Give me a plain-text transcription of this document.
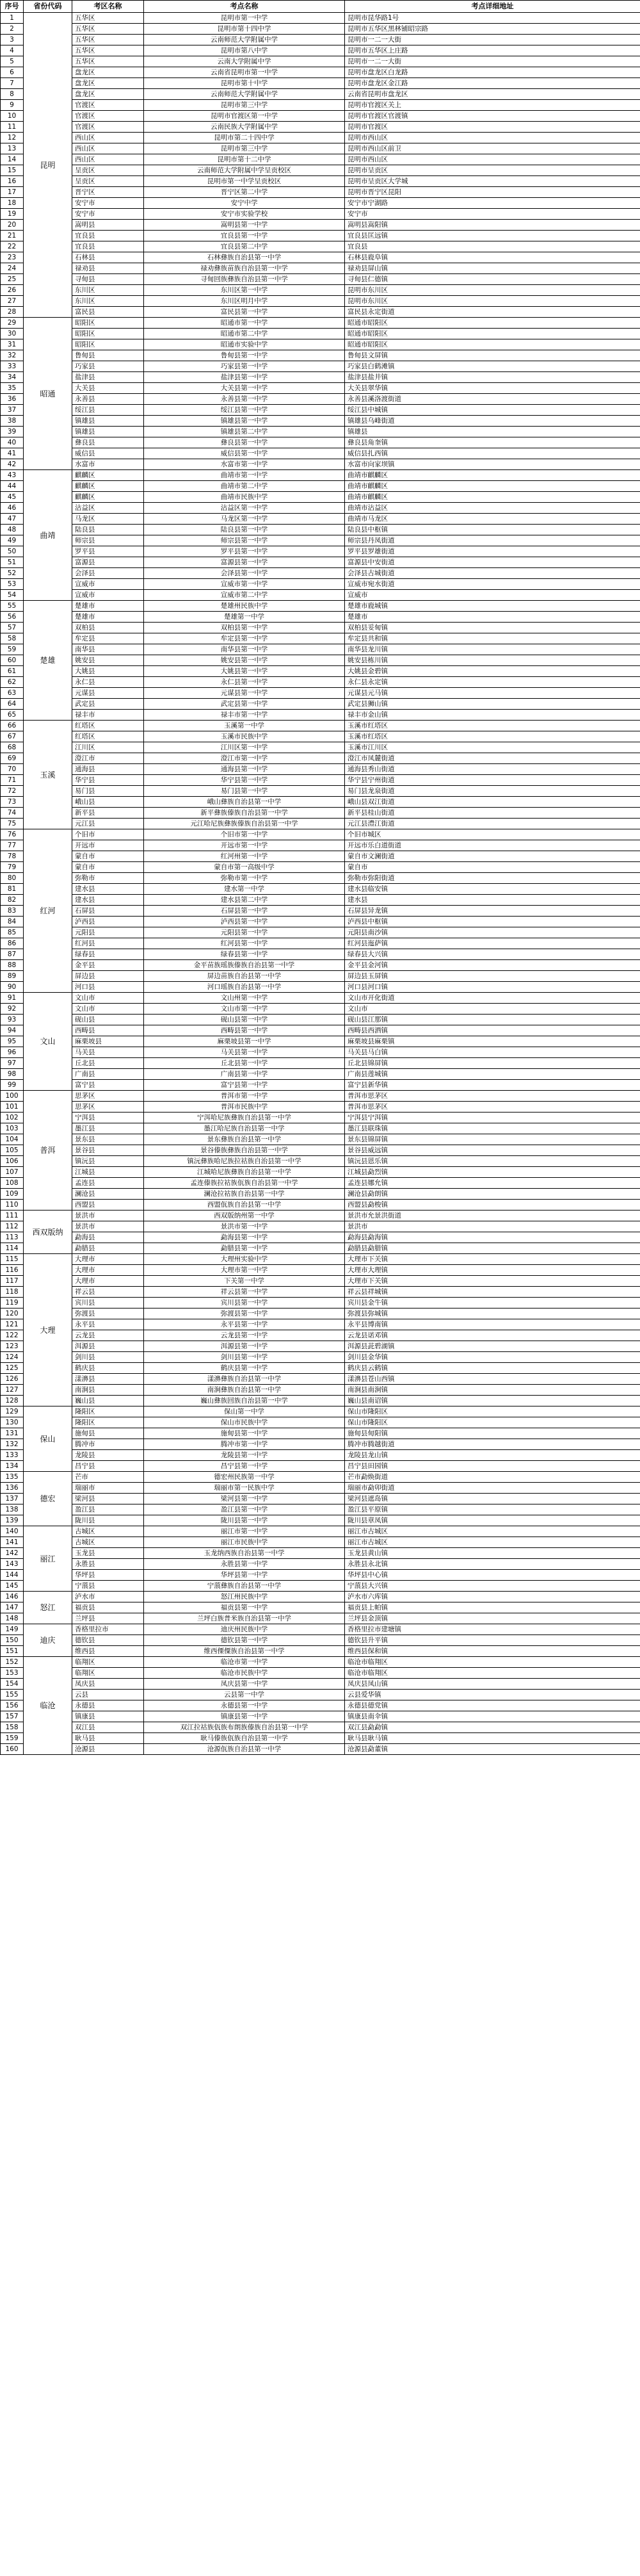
序号	省份代码	考区名称	考点名称	考点详细地址
1	昆明	五华区	昆明市第一中学	昆明市昆华路1号
2		五华区	昆明市第十四中学	昆明市五华区黑林铺昭宗路
3		五华区	云南师范大学附属中学	昆明市一二一大街
4		五华区	昆明市第八中学	昆明市五华区上庄路
5		五华区	云南大学附属中学	昆明市一二一大街
6		盘龙区	云南省昆明市第一中学	昆明市盘龙区白龙路
7		盘龙区	昆明市第十中学	昆明市盘龙区金江路
8		盘龙区	云南师范大学附属中学	云南省昆明市盘龙区
9		官渡区	昆明市第三中学	昆明市官渡区关上
10		官渡区	昆明市官渡区第一中学	昆明市官渡区官渡镇
11		官渡区	云南民族大学附属中学	昆明市官渡区
12		西山区	昆明市第二十四中学	昆明市西山区
13		西山区	昆明市第三中学	昆明市西山区前卫
14		西山区	昆明市第十二中学	昆明市西山区
15		呈贡区	云南师范大学附属中学呈贡校区	昆明市呈贡区
16		呈贡区	昆明市第一中学呈贡校区	昆明市呈贡区大学城
17		晋宁区	晋宁区第二中学	昆明市晋宁区昆阳
18		安宁市	安宁中学	安宁市宁湖路
19		安宁市	安宁市实验学校	安宁市
20		嵩明县	嵩明县第一中学	嵩明县嵩阳镇
21		宜良县	宜良县第一中学	宜良县匡远镇
22		宜良县	宜良县第二中学	宜良县
23		石林县	石林彝族自治县第一中学	石林县鹿阜镇
24		禄劝县	禄劝彝族苗族自治县第一中学	禄劝县屏山镇
25		寻甸县	寻甸回族彝族自治县第一中学	寻甸县仁德镇
26		东川区	东川区第一中学	昆明市东川区
27		东川区	东川区明月中学	昆明市东川区
28		富民县	富民县第一中学	富民县永定街道
29	昭通	昭阳区	昭通市第一中学	昭通市昭阳区
30		昭阳区	昭通市第二中学	昭通市昭阳区
31		昭阳区	昭通市实验中学	昭通市昭阳区
32		鲁甸县	鲁甸县第一中学	鲁甸县文屏镇
33		巧家县	巧家县第一中学	巧家县白鹤滩镇
34		盐津县	盐津县第一中学	盐津县盐井镇
35		大关县	大关县第一中学	大关县翠华镇
36		永善县	永善县第一中学	永善县溪洛渡街道
37		绥江县	绥江县第一中学	绥江县中城镇
38		镇雄县	镇雄县第一中学	镇雄县乌峰街道
39		镇雄县	镇雄县第二中学	镇雄县
40		彝良县	彝良县第一中学	彝良县角奎镇
41		威信县	威信县第一中学	威信县扎西镇
42		水富市	水富市第一中学	水富市向家坝镇
43	曲靖	麒麟区	曲靖市第一中学	曲靖市麒麟区
44		麒麟区	曲靖市第二中学	曲靖市麒麟区
45		麒麟区	曲靖市民族中学	曲靖市麒麟区
46		沾益区	沾益区第一中学	曲靖市沾益区
47		马龙区	马龙区第一中学	曲靖市马龙区
48		陆良县	陆良县第一中学	陆良县中枢镇
49		师宗县	师宗县第一中学	师宗县丹凤街道
50		罗平县	罗平县第一中学	罗平县罗雄街道
51		富源县	富源县第一中学	富源县中安街道
52		会泽县	会泽县第一中学	会泽县古城街道
53		宣威市	宣威市第一中学	宣威市宛水街道
54		宣威市	宣威市第二中学	宣威市
55	楚雄	楚雄市	楚雄州民族中学	楚雄市鹿城镇
56		楚雄市	楚雄第一中学	楚雄市
57		双柏县	双柏县第一中学	双柏县妥甸镇
58		牟定县	牟定县第一中学	牟定县共和镇
59		南华县	南华县第一中学	南华县龙川镇
60		姚安县	姚安县第一中学	姚安县栋川镇
61		大姚县	大姚县第一中学	大姚县金碧镇
62		永仁县	永仁县第一中学	永仁县永定镇
63		元谋县	元谋县第一中学	元谋县元马镇
64		武定县	武定县第一中学	武定县狮山镇
65		禄丰市	禄丰市第一中学	禄丰市金山镇
66	玉溪	红塔区	玉溪第一中学	玉溪市红塔区
67		红塔区	玉溪市民族中学	玉溪市红塔区
68		江川区	江川区第一中学	玉溪市江川区
69		澄江市	澄江市第一中学	澄江市凤麓街道
70		通海县	通海县第一中学	通海县秀山街道
71		华宁县	华宁县第一中学	华宁县宁州街道
72		易门县	易门县第一中学	易门县龙泉街道
73		峨山县	峨山彝族自治县第一中学	峨山县双江街道
74		新平县	新平彝族傣族自治县第一中学	新平县桂山街道
75		元江县	元江哈尼族彝族傣族自治县第一中学	元江县澧江街道
76	红河	个旧市	个旧市第一中学	个旧市城区
77		开远市	开远市第一中学	开远市乐白道街道
78		蒙自市	红河州第一中学	蒙自市文澜街道
79		蒙自市	蒙自市第一高级中学	蒙自市
80		弥勒市	弥勒市第一中学	弥勒市弥阳街道
81		建水县	建水第一中学	建水县临安镇
82		建水县	建水县第二中学	建水县
83		石屏县	石屏县第一中学	石屏县异龙镇
84		泸西县	泸西县第一中学	泸西县中枢镇
85		元阳县	元阳县第一中学	元阳县南沙镇
86		红河县	红河县第一中学	红河县迤萨镇
87		绿春县	绿春县第一中学	绿春县大兴镇
88		金平县	金平苗族瑶族傣族自治县第一中学	金平县金河镇
89		屏边县	屏边苗族自治县第一中学	屏边县玉屏镇
90		河口县	河口瑶族自治县第一中学	河口县河口镇
91	文山	文山市	文山州第一中学	文山市开化街道
92		文山市	文山市第一中学	文山市
93		砚山县	砚山县第一中学	砚山县江那镇
94		西畴县	西畴县第一中学	西畴县西洒镇
95		麻栗坡县	麻栗坡县第一中学	麻栗坡县麻栗镇
96		马关县	马关县第一中学	马关县马白镇
97		丘北县	丘北县第一中学	丘北县锦屏镇
98		广南县	广南县第一中学	广南县莲城镇
99		富宁县	富宁县第一中学	富宁县新华镇
100	普洱	思茅区	普洱市第一中学	普洱市思茅区
101		思茅区	普洱市民族中学	普洱市思茅区
102		宁洱县	宁洱哈尼族彝族自治县第一中学	宁洱县宁洱镇
103		墨江县	墨江哈尼族自治县第一中学	墨江县联珠镇
104		景东县	景东彝族自治县第一中学	景东县锦屏镇
105		景谷县	景谷傣族彝族自治县第一中学	景谷县威远镇
106		镇沅县	镇沅彝族哈尼族拉祜族自治县第一中学	镇沅县恩乐镇
107		江城县	江城哈尼族彝族自治县第一中学	江城县勐烈镇
108		孟连县	孟连傣族拉祜族佤族自治县第一中学	孟连县娜允镇
109		澜沧县	澜沧拉祜族自治县第一中学	澜沧县勐朗镇
110		西盟县	西盟佤族自治县第一中学	西盟县勐梭镇
111	西双版纳	景洪市	西双版纳州第一中学	景洪市允景洪街道
112		景洪市	景洪市第一中学	景洪市
113		勐海县	勐海县第一中学	勐海县勐海镇
114		勐腊县	勐腊县第一中学	勐腊县勐腊镇
115	大理	大理市	大理州实验中学	大理市下关镇
116		大理市	大理市第一中学	大理市大理镇
117		大理市	下关第一中学	大理市下关镇
118		祥云县	祥云县第一中学	祥云县祥城镇
119		宾川县	宾川县第一中学	宾川县金牛镇
120		弥渡县	弥渡县第一中学	弥渡县弥城镇
121		永平县	永平县第一中学	永平县博南镇
122		云龙县	云龙县第一中学	云龙县诺邓镇
123		洱源县	洱源县第一中学	洱源县茈碧湖镇
124		剑川县	剑川县第一中学	剑川县金华镇
125		鹤庆县	鹤庆县第一中学	鹤庆县云鹤镇
126		漾濞县	漾濞彝族自治县第一中学	漾濞县苍山西镇
127		南涧县	南涧彝族自治县第一中学	南涧县南涧镇
128		巍山县	巍山彝族回族自治县第一中学	巍山县南诏镇
129	保山	隆阳区	保山第一中学	保山市隆阳区
130		隆阳区	保山市民族中学	保山市隆阳区
131		施甸县	施甸县第一中学	施甸县甸阳镇
132		腾冲市	腾冲市第一中学	腾冲市腾越街道
133		龙陵县	龙陵县第一中学	龙陵县龙山镇
134		昌宁县	昌宁县第一中学	昌宁县田园镇
135	德宏	芒市	德宏州民族第一中学	芒市勐焕街道
136		瑞丽市	瑞丽市第一民族中学	瑞丽市勐卯街道
137		梁河县	梁河县第一中学	梁河县遮岛镇
138		盈江县	盈江县第一中学	盈江县平原镇
139		陇川县	陇川县第一中学	陇川县章凤镇
140	丽江	古城区	丽江市第一中学	丽江市古城区
141		古城区	丽江市民族中学	丽江市古城区
142		玉龙县	玉龙纳西族自治县第一中学	玉龙县黄山镇
143		永胜县	永胜县第一中学	永胜县永北镇
144		华坪县	华坪县第一中学	华坪县中心镇
145		宁蒗县	宁蒗彝族自治县第一中学	宁蒗县大兴镇
146	怒江	泸水市	怒江州民族中学	泸水市六库镇
147		福贡县	福贡县第一中学	福贡县上帕镇
148		兰坪县	兰坪白族普米族自治县第一中学	兰坪县金顶镇
149	迪庆	香格里拉市	迪庆州民族中学	香格里拉市建塘镇
150		德钦县	德钦县第一中学	德钦县升平镇
151		维西县	维西傈僳族自治县第一中学	维西县保和镇
152	临沧	临翔区	临沧市第一中学	临沧市临翔区
153		临翔区	临沧市民族中学	临沧市临翔区
154		凤庆县	凤庆县第一中学	凤庆县凤山镇
155		云县	云县第一中学	云县爱华镇
156		永德县	永德县第一中学	永德县德党镇
157		镇康县	镇康县第一中学	镇康县南伞镇
158		双江县	双江拉祜族佤族布朗族傣族自治县第一中学	双江县勐勐镇
159		耿马县	耿马傣族佤族自治县第一中学	耿马县耿马镇
160		沧源县	沧源佤族自治县第一中学	沧源县勐董镇
